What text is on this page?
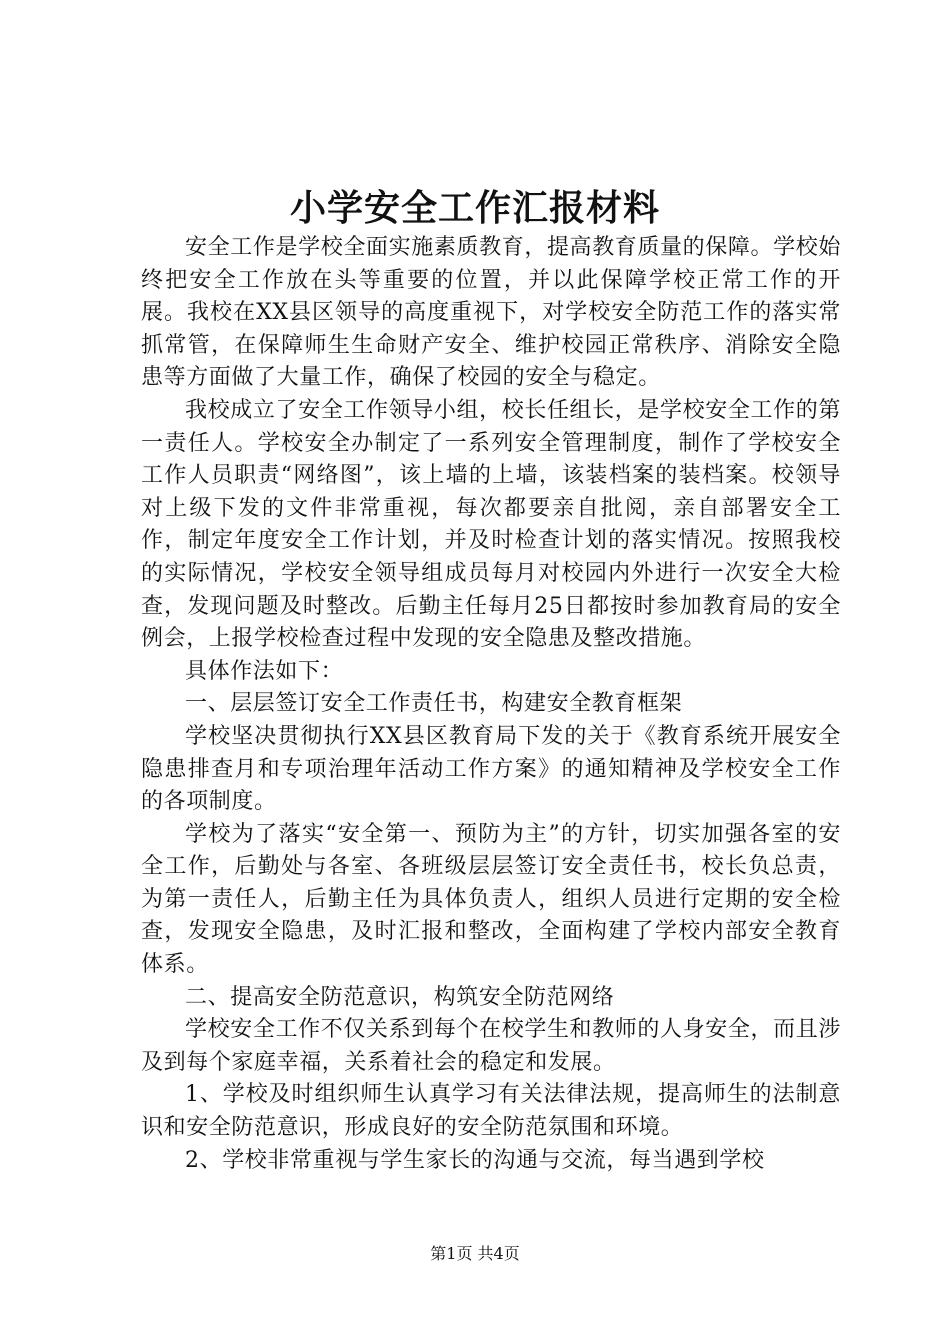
小学安全工作汇报材料

安全工作是学校全面实施素质教育，提高教育质量的保障。学校始终把安全工作放在头等重要的位置，并以此保障学校正常工作的开展。我校在XX县区领导的高度重视下，对学校安全防范工作的落实常抓常管，在保障师生生命财产安全、维护校园正常秩序、消除安全隐患等方面做了大量工作，确保了校园的安全与稳定。

我校成立了安全工作领导小组，校长任组长，是学校安全工作的第一责任人。学校安全办制定了一系列安全管理制度，制作了学校安全工作人员职责“网络图”，该上墙的上墙，该装档案的装档案。校领导对上级下发的文件非常重视，每次都要亲自批阅，亲自部署安全工作，制定年度安全工作计划，并及时检查计划的落实情况。按照我校的实际情况，学校安全领导组成员每月对校园内外进行一次安全大检查，发现问题及时整改。后勤主任每月25日都按时参加教育局的安全例会，上报学校检查过程中发现的安全隐患及整改措施。

具体作法如下：

一、层层签订安全工作责任书，构建安全教育框架

学校坚决贯彻执行XX县区教育局下发的关于《教育系统开展安全隐患排查月和专项治理年活动工作方案》的通知精神及学校安全工作的各项制度。

学校为了落实“安全第一、预防为主”的方针，切实加强各室的安全工作，后勤处与各室、各班级层层签订安全责任书，校长负总责，为第一责任人，后勤主任为具体负责人，组织人员进行定期的安全检查，发现安全隐患，及时汇报和整改，全面构建了学校内部安全教育体系。

二、提高安全防范意识，构筑安全防范网络

学校安全工作不仅关系到每个在校学生和教师的人身安全，而且涉及到每个家庭幸福，关系着社会的稳定和发展。

1、学校及时组织师生认真学习有关法律法规，提高师生的法制意识和安全防范意识，形成良好的安全防范氛围和环境。

2、学校非常重视与学生家长的沟通与交流，每当遇到学校

第1页 共4页
